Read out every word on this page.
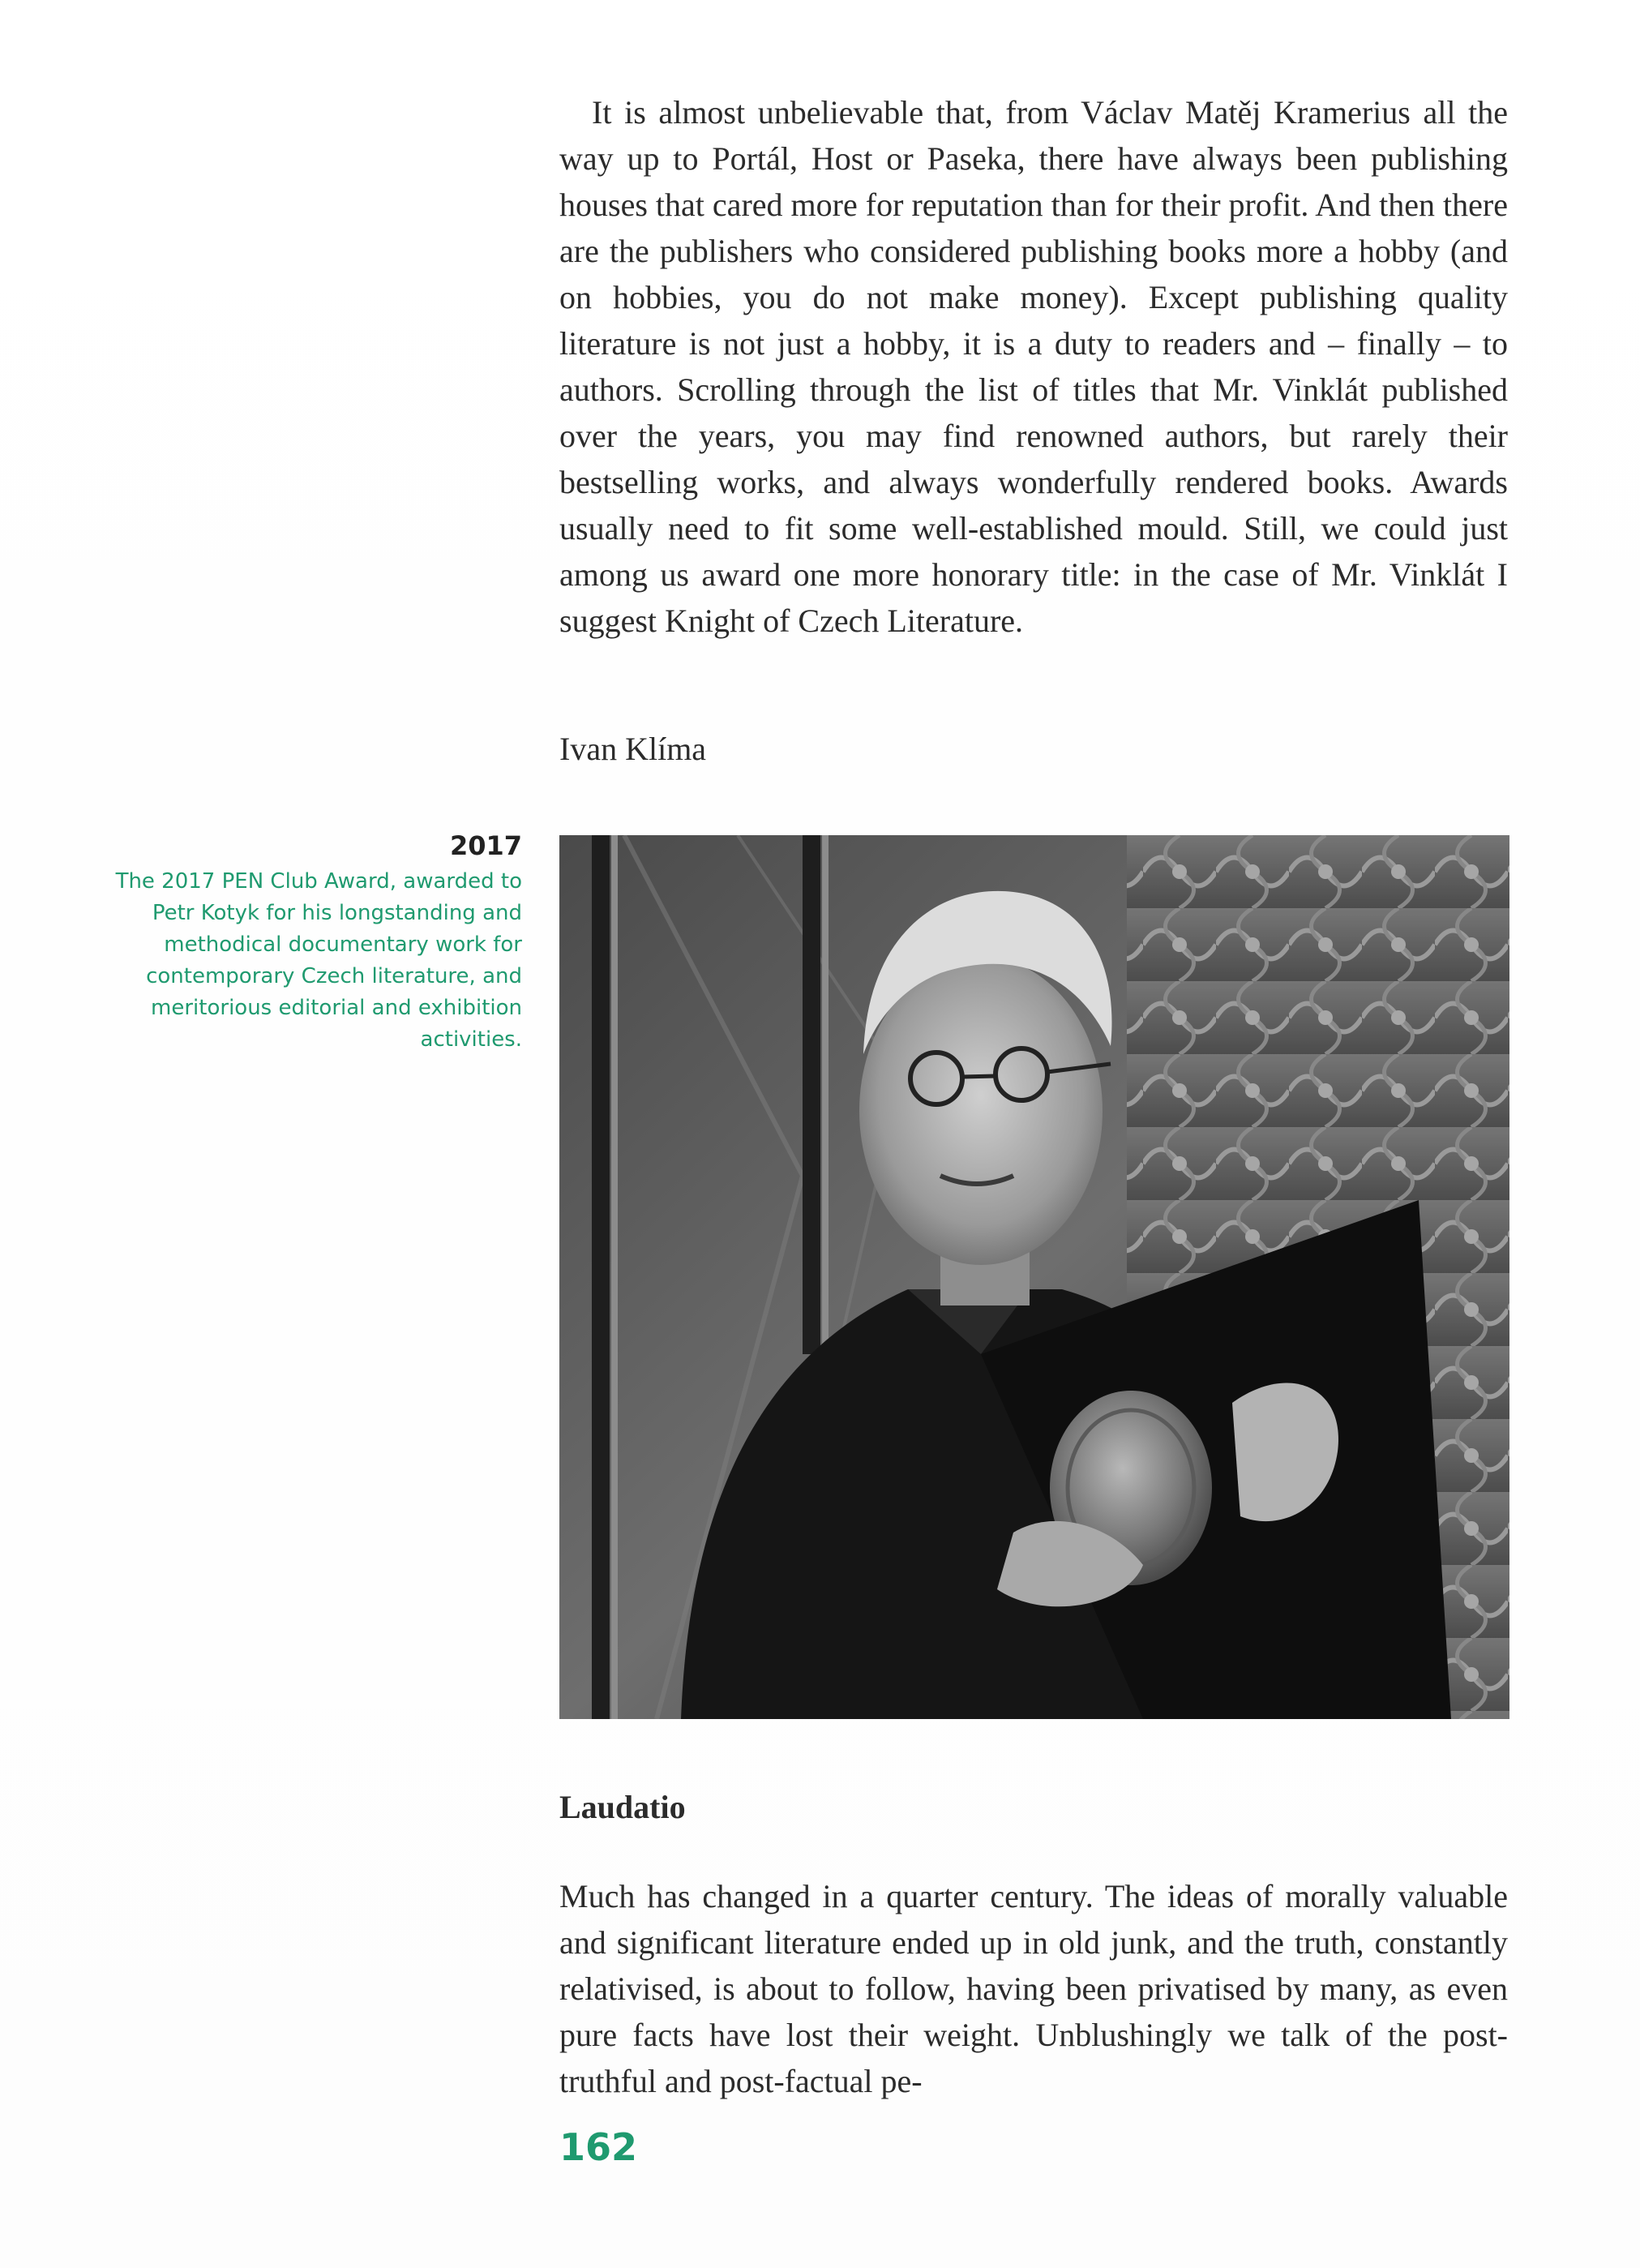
It is almost unbelievable that, from Václav Matěj Kramerius all the way up to Portál, Host or Paseka, there have always been publishing houses that cared more for reputation than for their profit. And then there are the publishers who considered publishing books more a hobby (and on hobbies, you do not make money). Except publishing quality literature is not just a hobby, it is a duty to readers and – finally – to authors. Scrolling through the list of titles that Mr. Vinklát published over the years, you may find renowned authors, but rarely their bestselling works, and always wonderfully rendered books. Awards usually need to fit some well-established mould. Still, we could just among us award one more honorary title: in the case of Mr. Vinklát I suggest Knight of Czech Literature.

Ivan Klíma

2017

The 2017 PEN Club Award, awarded to Petr Kotyk for his longstanding and methodical documentary work for contemporary Czech literature, and meritorious editorial and exhibition activities.

Laudatio

Much has changed in a quarter century. The ideas of morally valuable and significant literature ended up in old junk, and the truth, constantly relativised, is about to follow, having been privatised by many, as even pure facts have lost their weight. Unblushingly we talk of the post-truthful and post-factual pe-

162
